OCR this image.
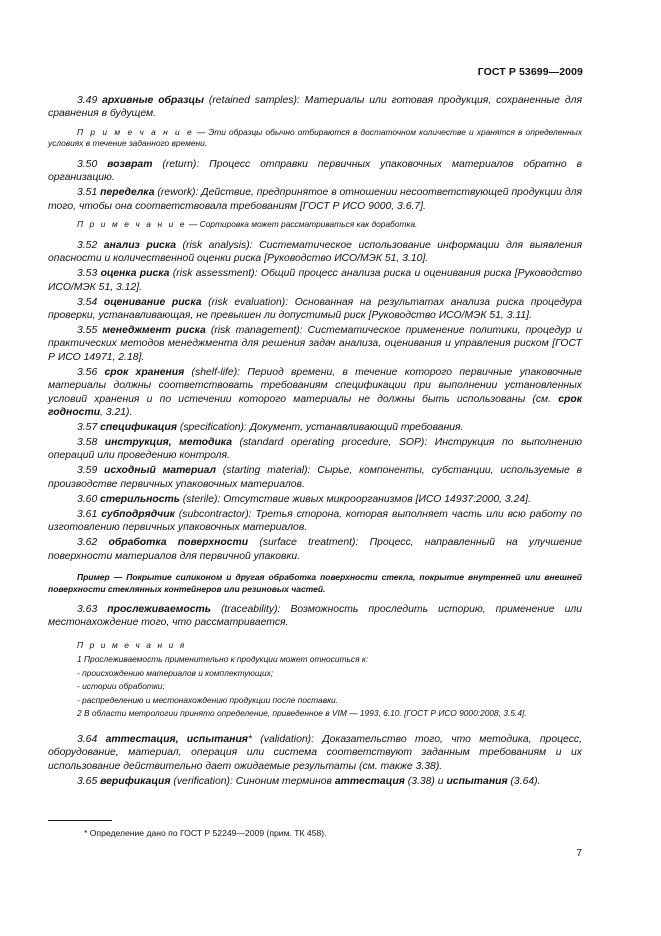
ГОСТ Р 53699—2009

3.49 архивные образцы (retained samples): Материалы или готовая продукция, сохраненные для сравнения в будущем.

П р и м е ч а н и е — Эти образцы обычно отбираются в достаточном количестве и хранятся в определенных условиях в течение заданного времени.

3.50 возврат (return): Процесс отправки первичных упаковочных материалов обратно в организацию.

3.51 переделка (rework): Действие, предпринятое в отношении несоответствующей продукции для того, чтобы она соответствовала требованиям [ГОСТ Р ИСО 9000, 3.6.7].

П р и м е ч а н и е — Сортировка может рассматриваться как доработка.

3.52 анализ риска (risk analysis): Систематическое использование информации для выявления опасности и количественной оценки риска [Руководство ИСО/МЭК 51, 3.10].

3.53 оценка риска (risk assessment): Общий процесс анализа риска и оценивания риска [Руководство ИСО/МЭК 51, 3.12].

3.54 оценивание риска (risk evaluation): Основанная на результатах анализа риска процедура проверки, устанавливающая, не превышен ли допустимый риск [Руководство ИСО/МЭК 51, 3.11].

3.55 менеджмент риска (risk management): Систематическое применение политики, процедур и практических методов менеджмента для решения задач анализа, оценивания и управления риском [ГОСТ Р ИСО 14971, 2.18].

3.56 срок хранения (shelf-life): Период времени, в течение которого первичные упаковочные материалы должны соответствовать требованиям спецификации при выполнении установленных условий хранения и по истечении которого материалы не должны быть использованы (см. срок годности, 3.21).

3.57 спецификация (specification): Документ, устанавливающий требования.

3.58 инструкция, методика (standard operating procedure, SOP): Инструкция по выполнению операций или проведению контроля.

3.59 исходный материал (starting material): Сырье, компоненты, субстанции, используемые в производстве первичных упаковочных материалов.

3.60 стерильность (sterile): Отсутствие живых микроорганизмов [ИСО 14937:2000, 3.24].

3.61 субподрядчик (subcontractor): Третья сторона, которая выполняет часть или всю работу по изготовлению первичных упаковочных материалов.

3.62 обработка поверхности (surface treatment): Процесс, направленный на улучшение поверхности материалов для первичной упаковки.

Пример — Покрытие силиконом и другая обработка поверхности стекла, покрытие внутренней или внешней поверхности стеклянных контейнеров или резиновых частей.

3.63 прослеживаемость (traceability): Возможность проследить историю, применение или местонахождение того, что рассматривается.

П р и м е ч а н и я

1 Прослеживаемость применительно к продукции может относиться к:

- происхождению материалов и комплектующих;

- истории обработки;

- распределению и местонахождению продукции после поставки.

2 В области метрологии принято определение, приведенное в VIM — 1993, 6.10. [ГОСТ Р ИСО 9000:2008, 3.5.4].

3.64 аттестация, испытания* (validation): Доказательство того, что методика, процесс, оборудование, материал, операция или система соответствуют заданным требованиям и их использование действительно дает ожидаемые результаты (см. также 3.38).

3.65 верификация (verification): Синоним терминов аттестация (3.38) и испытания (3.64).

* Определение дано по ГОСТ Р 52249—2009 (прим. ТК 458).
7
